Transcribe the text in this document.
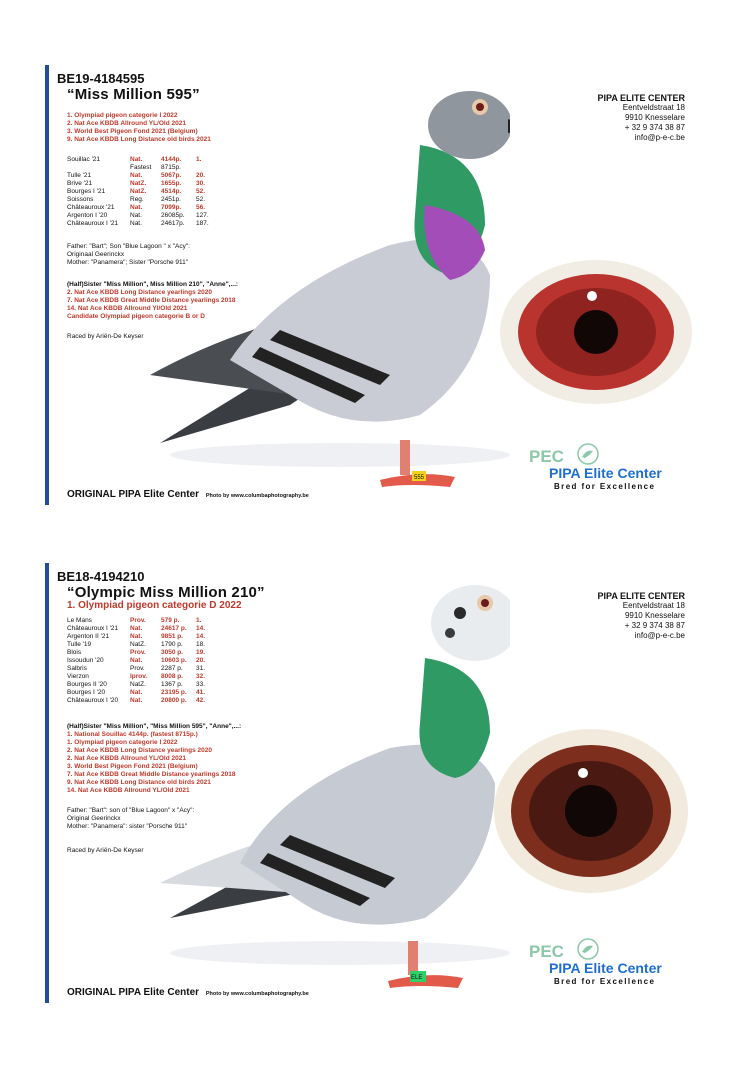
BE19-4184595
“Miss Million 595”
1. Olympiad pigeon categorie I 2022
2. Nat Ace KBDB Allround YL/Old 2021
3. World Best Pigeon Fond 2021 (Belgium)
9. Nat Ace KBDB Long Distance old birds 2021
Souillac '21	Nat.	4144p.	1.
	Fastest	8715p.	
Tulle '21	Nat.	5067p.	20.
Brive '21	NatZ.	1655p.	30.
Bourges I '21	NatZ.	4514p.	52.
Soissons	Reg.	2451p.	52.
Châteauroux '21	Nat.	7099p.	56.
Argenton I '20	Nat.	26085p.	127.
Châteauroux I '21	Nat.	24617p.	187.
Father: "Bart"; Son "Blue Lagoon " x "Acy":
Originaal Geerinckx
Mother: "Panamera"; Sister "Porsche 911"
(Half)Sister "Miss Million", Miss Million 210", "Anne",...:
2. Nat Ace KBDB Long Distance yearlings 2020
7. Nat Ace KBDB Great Middle Distance yearlings 2018
14. Nat Ace KBDB Allround Yl/Old 2021
Candidate Olympiad pigeon categorie B or D
Raced by Ariën-De Keyser
555
PIPA ELITE CENTER
Eentveldstraat 18
9910 Knesselare
+ 32 9 374 38 87
info@p-e-c.be
PEC
PIPA Elite Center
Bred for Excellence
ORIGINAL PIPA Elite Center Photo by www.columbaphotography.be
BE18-4194210
“Olympic Miss Million 210”
1. Olympiad pigeon categorie D 2022
Le Mans	Prov.	579 p.	1.
Châteauroux I '21	Nat.	24617 p.	14.
Argenton II '21	Nat.	9851 p.	14.
Tulle '19	NatZ.	1790 p.	18.
Blois	Prov.	3050 p.	19.
Issoudun '20	Nat.	10603 p.	20.
Salbris	Prov.	2287 p.	31.
Vierzon	Iprov.	8008 p.	32.
Bourges II '20	NatZ.	1367 p.	33.
Bourges I '20	Nat.	23195 p.	41.
Châteauroux I '20	Nat.	20800 p.	42.
(Half)Sister "Miss Million", "Miss Million 595", "Anne",...:
1. National Souillac 4144p. (fastest 8715p.)
1. Olympiad pigeon categorie I 2022
2. Nat Ace KBDB Long Distance yearlings 2020
2. Nat Ace KBDB Allround YL/Old 2021
3. World Best Pigeon Fond 2021 (Belgium)
7. Nat Ace KBDB Great Middle Distance yearlings 2018
9. Nat Ace KBDB Long Distance old birds 2021
14. Nat Ace KBDB Allround YL/Old 2021
Father: "Bart": son of "Blue Lagoon" x "Acy":
Original Geerinckx
Mother: "Panamera": sister "Porsche 911"
Raced by Ariën-De Keyser
ELE
PIPA ELITE CENTER
Eentveldstraat 18
9910 Knesselare
+ 32 9 374 38 87
info@p-e-c.be
PEC
PIPA Elite Center
Bred for Excellence
ORIGINAL PIPA Elite Center Photo by www.columbaphotography.be
